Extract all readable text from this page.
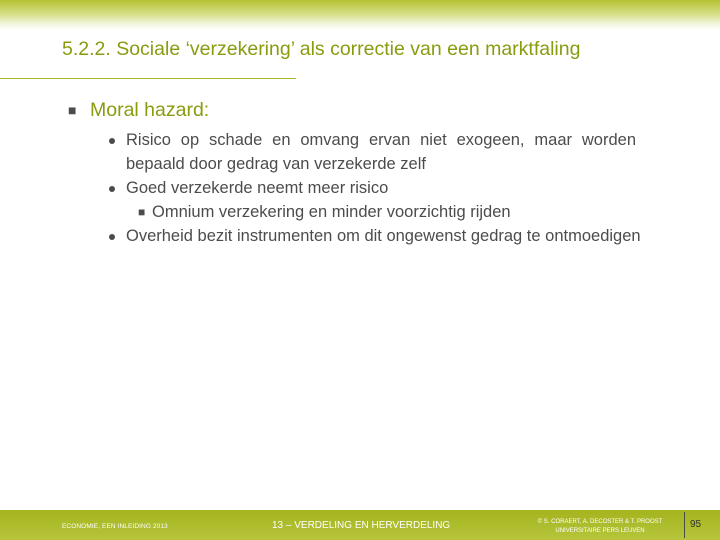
5.2.2. Sociale ‘verzekering’ als correctie van een marktfaling
■ Moral hazard:
Risico op schade en omvang ervan niet exogeen, maar worden bepaald door gedrag van verzekerde zelf
Goed verzekerde neemt meer risico
■ Omnium verzekering en minder voorzichtig rijden
Overheid bezit instrumenten om dit ongewenst gedrag te ontmoedigen
ECONOMIE, EEN INLEIDING 2013	13 – VERDELING EN HERVERDELING	© S. CORAERT, A. DECOSTER & T. PROOST
UNIVERSITAIRE PERS LEUVEN
95
